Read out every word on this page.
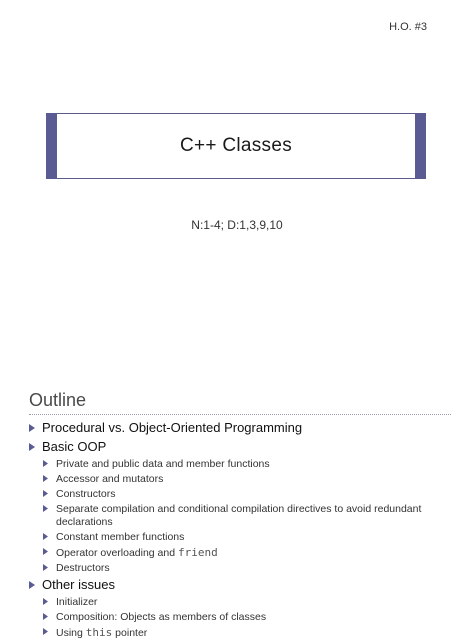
H.O. #3
C++ Classes
N:1-4; D:1,3,9,10
Outline
Procedural vs. Object-Oriented Programming
Basic OOP
Private and public data and member functions
Accessor and mutators
Constructors
Separate compilation and conditional compilation directives to avoid redundant declarations
Constant member functions
Operator overloading and friend
Destructors
Other issues
Initializer
Composition: Objects as members of classes
Using this pointer
